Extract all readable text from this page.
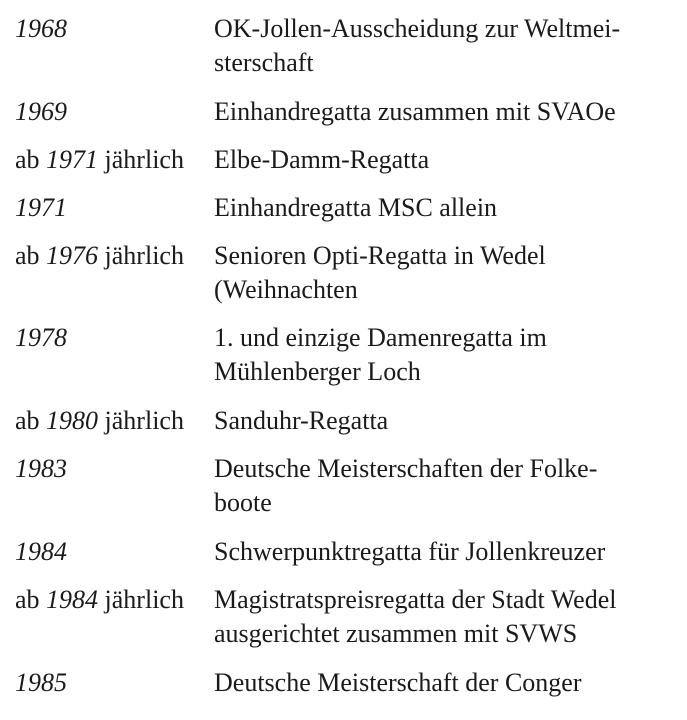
1968	OK-Jollen-Ausscheidung zur Weltmei-
sterschaft
1969	Einhandregatta zusammen mit SVAOe
ab 1971 jährlich	Elbe-Damm-Regatta
1971	Einhandregatta MSC allein
ab 1976 jährlich	Senioren Opti-Regatta in Wedel
(Weihnachten
1978	1. und einzige Damenregatta im
Mühlenberger Loch
ab 1980 jährlich	Sanduhr-Regatta
1983	Deutsche Meisterschaften der Folke-
boote
1984	Schwerpunktregatta für Jollenkreuzer
ab 1984 jährlich	Magistratspreisregatta der Stadt Wedel
ausgerichtet zusammen mit SVWS
1985	Deutsche Meisterschaft der Conger
